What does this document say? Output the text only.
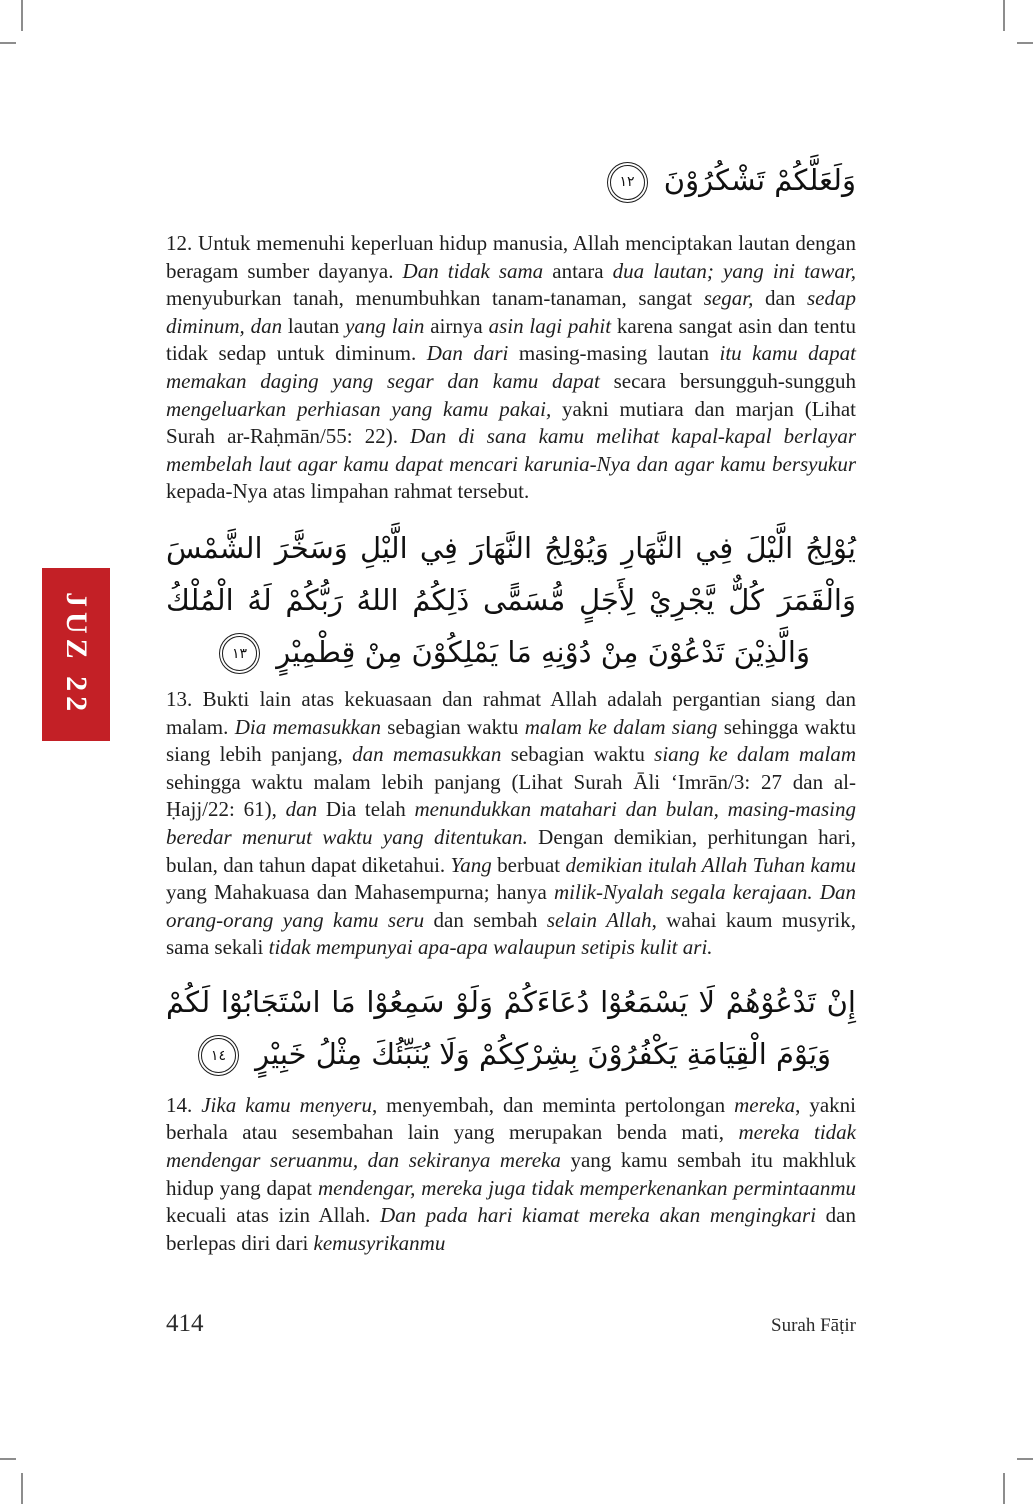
JUZ 22
وَلَعَلَّكُمْ تَشْكُرُوْنَ ١٢

12. Untuk memenuhi keperluan hidup manusia, Allah menciptakan lautan dengan beragam sumber dayanya. Dan tidak sama antara dua lautan; yang ini tawar, menyuburkan tanah, menumbuhkan tanam-tanaman, sangat segar, dan sedap diminum, dan lautan yang lain airnya asin lagi pahit karena sangat asin dan tentu tidak sedap untuk diminum. Dan dari masing-masing lautan itu kamu dapat memakan daging yang segar dan kamu dapat secara bersungguh-sungguh mengeluarkan perhiasan yang kamu pakai, yakni mutiara dan marjan (Lihat Surah ar-Raḥmān/55: 22). Dan di sana kamu melihat kapal-kapal berlayar membelah laut agar kamu dapat mencari karunia-Nya dan agar kamu bersyukur kepada-Nya atas limpahan rahmat tersebut.

يُوْلِجُ الَّيْلَ فِي النَّهَارِ وَيُوْلِجُ النَّهَارَ فِي الَّيْلِ وَسَخَّرَ الشَّمْسَ وَالْقَمَرَ كُلٌّ يَّجْرِيْ لِأَجَلٍ مُّسَمًّى ذَلِكُمُ اللهُ رَبُّكُمْ لَهُ الْمُلْكُ وَالَّذِيْنَ تَدْعُوْنَ مِنْ دُوْنِهِ مَا يَمْلِكُوْنَ مِنْ قِطْمِيْرٍ ١٣

13. Bukti lain atas kekuasaan dan rahmat Allah adalah pergantian siang dan malam. Dia memasukkan sebagian waktu malam ke dalam siang sehingga waktu siang lebih panjang, dan memasukkan sebagian waktu siang ke dalam malam sehingga waktu malam lebih panjang (Lihat Surah Āli ‘Imrān/3: 27 dan al-Ḥajj/22: 61), dan Dia telah menundukkan matahari dan bulan, masing-masing beredar menurut waktu yang ditentukan. Dengan demikian, perhitungan hari, bulan, dan tahun dapat diketahui. Yang berbuat demikian itulah Allah Tuhan kamu yang Mahakuasa dan Mahasempurna; hanya milik-Nyalah segala kerajaan. Dan orang-orang yang kamu seru dan sembah selain Allah, wahai kaum musyrik, sama sekali tidak mempunyai apa-apa walaupun setipis kulit ari.

إِنْ تَدْعُوْهُمْ لَا يَسْمَعُوْا دُعَاءَكُمْ وَلَوْ سَمِعُوْا مَا اسْتَجَابُوْا لَكُمْ وَيَوْمَ الْقِيَامَةِ يَكْفُرُوْنَ بِشِرْكِكُمْ وَلَا يُنَبِّئُكَ مِثْلُ خَبِيْرٍ ١٤

14. Jika kamu menyeru, menyembah, dan meminta pertolongan mereka, yakni berhala atau sesembahan lain yang merupakan benda mati, mereka tidak mendengar seruanmu, dan sekiranya mereka yang kamu sembah itu makhluk hidup yang dapat mendengar, mereka juga tidak memperkenankan permintaanmu kecuali atas izin Allah. Dan pada hari kiamat mereka akan mengingkari dan berlepas diri dari kemusyrikanmu

414	Surah Fāṭir
